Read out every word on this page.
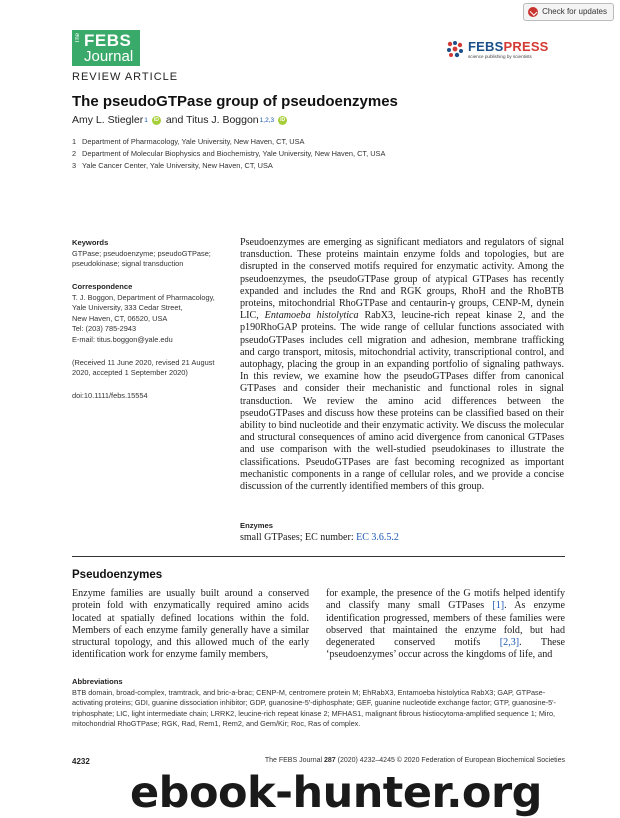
Check for updates
The FEBS
Journal
FEBSPRESS
science publishing by scientists
REVIEW ARTICLE
The pseudoGTPase group of pseudoenzymes
Amy L. Stiegler 1	iD and Titus J. Boggon 1,2,3	iD
1 Department of Pharmacology, Yale University, New Haven, CT, USA
2 Department of Molecular Biophysics and Biochemistry, Yale University, New Haven, CT, USA
3 Yale Cancer Center, Yale University, New Haven, CT, USA
Keywords
GTPase; pseudoenzyme; pseudoGTPase; pseudokinase; signal transduction
Correspondence
T. J. Boggon, Department of Pharmacology,
Yale University, 333 Cedar Street,
New Haven, CT, 06520, USA
Tel: (203) 785-2943
E-mail: titus.boggon@yale.edu
(Received 11 June 2020, revised 21 August
2020, accepted 1 September 2020)
doi:10.1111/febs.15554
Pseudoenzymes are emerging as significant mediators and regulators of signal transduction. These proteins maintain enzyme folds and topologies, but are disrupted in the conserved motifs required for enzymatic activity. Among the pseudoenzymes, the pseudoGTPase group of atypical GTPases has recently expanded and includes the Rnd and RGK groups, RhoH and the RhoBTB proteins, mitochondrial RhoGTPase and centaurin-γ groups, CENP-M, dynein LIC, Entamoeba histolytica RabX3, leucine-rich repeat kinase 2, and the p190RhoGAP proteins. The wide range of cellular functions associated with pseudoGTPases includes cell migration and adhesion, membrane trafficking and cargo transport, mitosis, mitochondrial activity, transcriptional control, and autophagy, placing the group in an expanding portfolio of signaling pathways. In this review, we examine how the pseudoGTPases differ from canonical GTPases and consider their mechanistic and functional roles in signal transduction. We review the amino acid differences between the pseudoGTPases and discuss how these proteins can be classified based on their ability to bind nucleotide and their enzymatic activity. We discuss the molecular and structural consequences of amino acid divergence from canonical GTPases and use comparison with the well-studied pseudokinases to illustrate the classifications. PseudoGTPases are fast becoming recognized as important mechanistic components in a range of cellular roles, and we provide a concise discussion of the currently identified members of this group.
Enzymes
small GTPases; EC number: EC 3.6.5.2
Pseudoenzymes
Enzyme families are usually built around a conserved protein fold with enzymatically required amino acids located at spatially defined locations within the fold. Members of each enzyme family generally have a similar structural topology, and this allowed much of the early identification work for enzyme family members,
for example, the presence of the G motifs helped identify and classify many small GTPases [1]. As enzyme identification progressed, members of these families were observed that maintained the enzyme fold, but had degenerated conserved motifs [2,3]. These ‘pseudoenzymes’ occur across the kingdoms of life, and
Abbreviations
BTB domain, broad-complex, tramtrack, and bric-a-brac; CENP-M, centromere protein M; EhRabX3, Entamoeba histolytica RabX3; GAP, GTPase-activating proteins; GDI, guanine dissociation inhibitor; GDP, guanosine-5′-diphosphate; GEF, guanine nucleotide exchange factor; GTP, guanosine-5′-triphosphate; LIC, light intermediate chain; LRRK2, leucine-rich repeat kinase 2; MFHAS1, malignant fibrous histiocytoma-amplified sequence 1; Miro, mitochondrial RhoGTPase; RGK, Rad, Rem1, Rem2, and Gem/Kir; Roc, Ras of complex.
4232	The FEBS Journal 287 (2020) 4232–4245 © 2020 Federation of European Biochemical Societies
ebook-hunter.org
